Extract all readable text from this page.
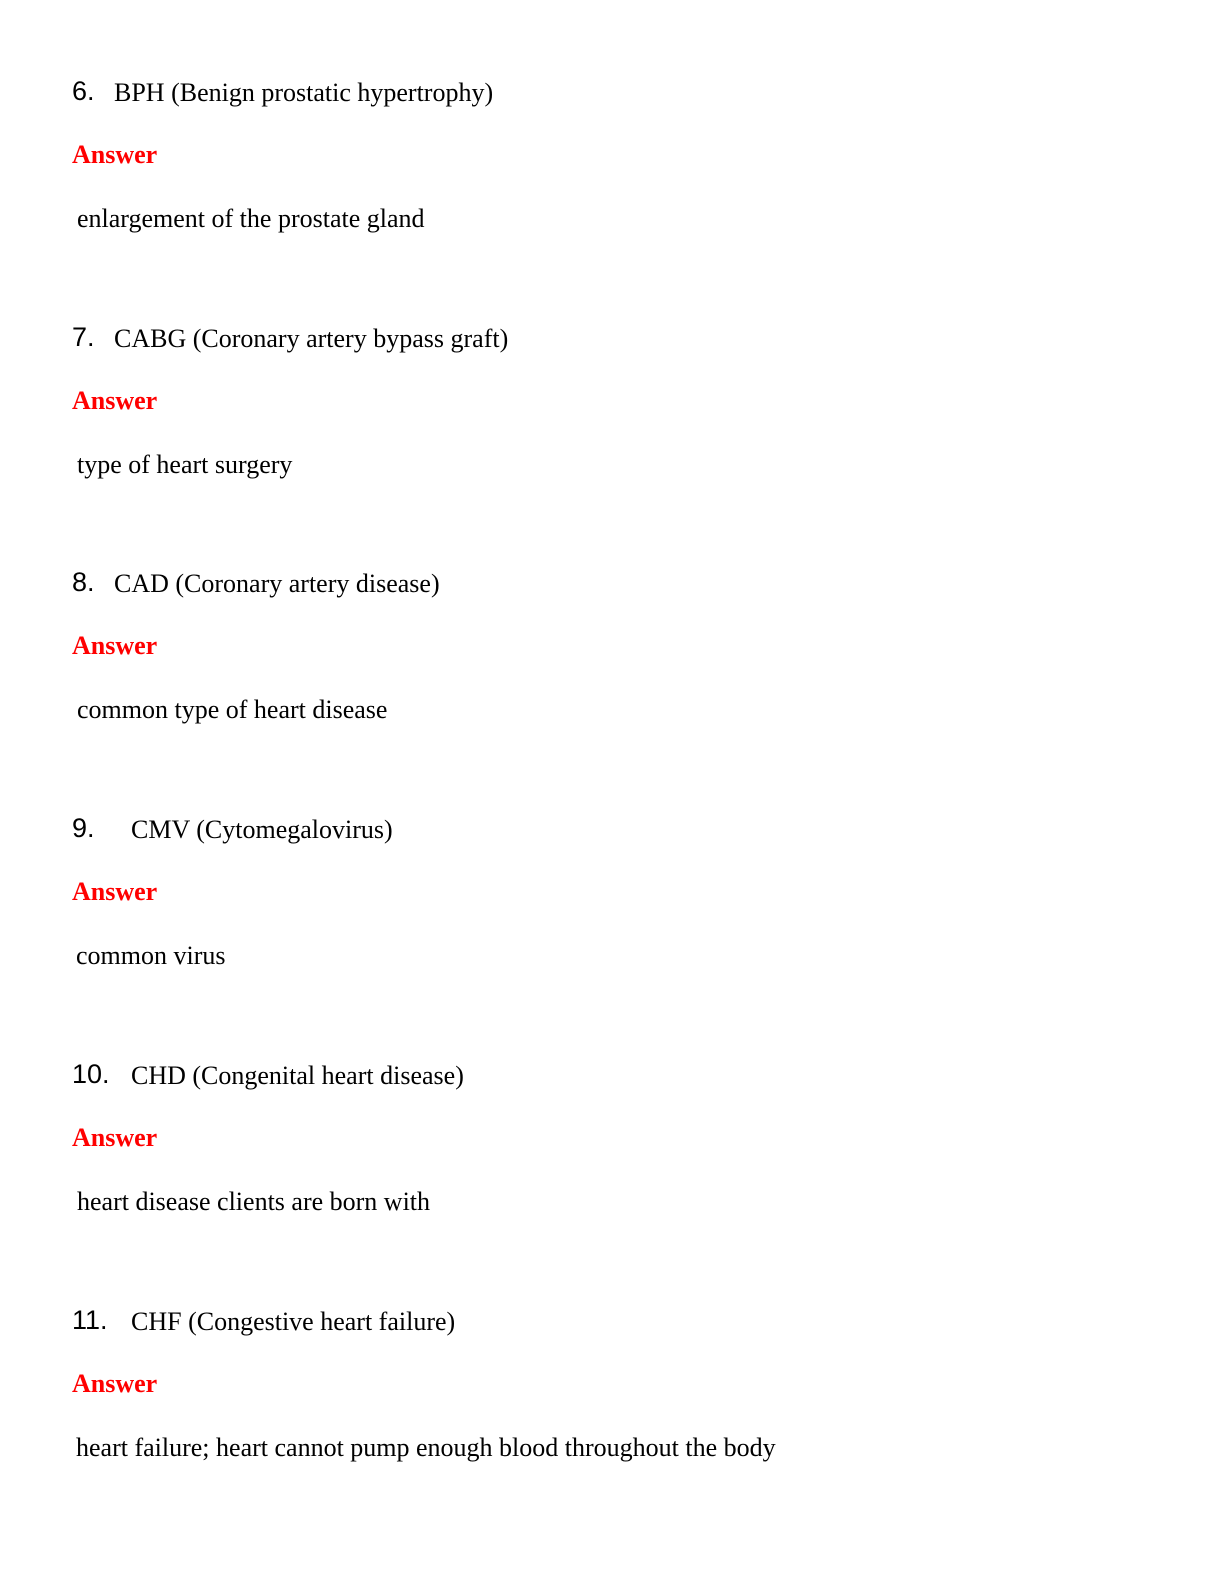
6. BPH (Benign prostatic hypertrophy)
Answer
enlargement of the prostate gland
7. CABG (Coronary artery bypass graft)
Answer
type of heart surgery
8. CAD (Coronary artery disease)
Answer
common type of heart disease
9. CMV (Cytomegalovirus)
Answer
common virus
10. CHD (Congenital heart disease)
Answer
heart disease clients are born with
11. CHF (Congestive heart failure)
Answer
heart failure; heart cannot pump enough blood throughout the body
